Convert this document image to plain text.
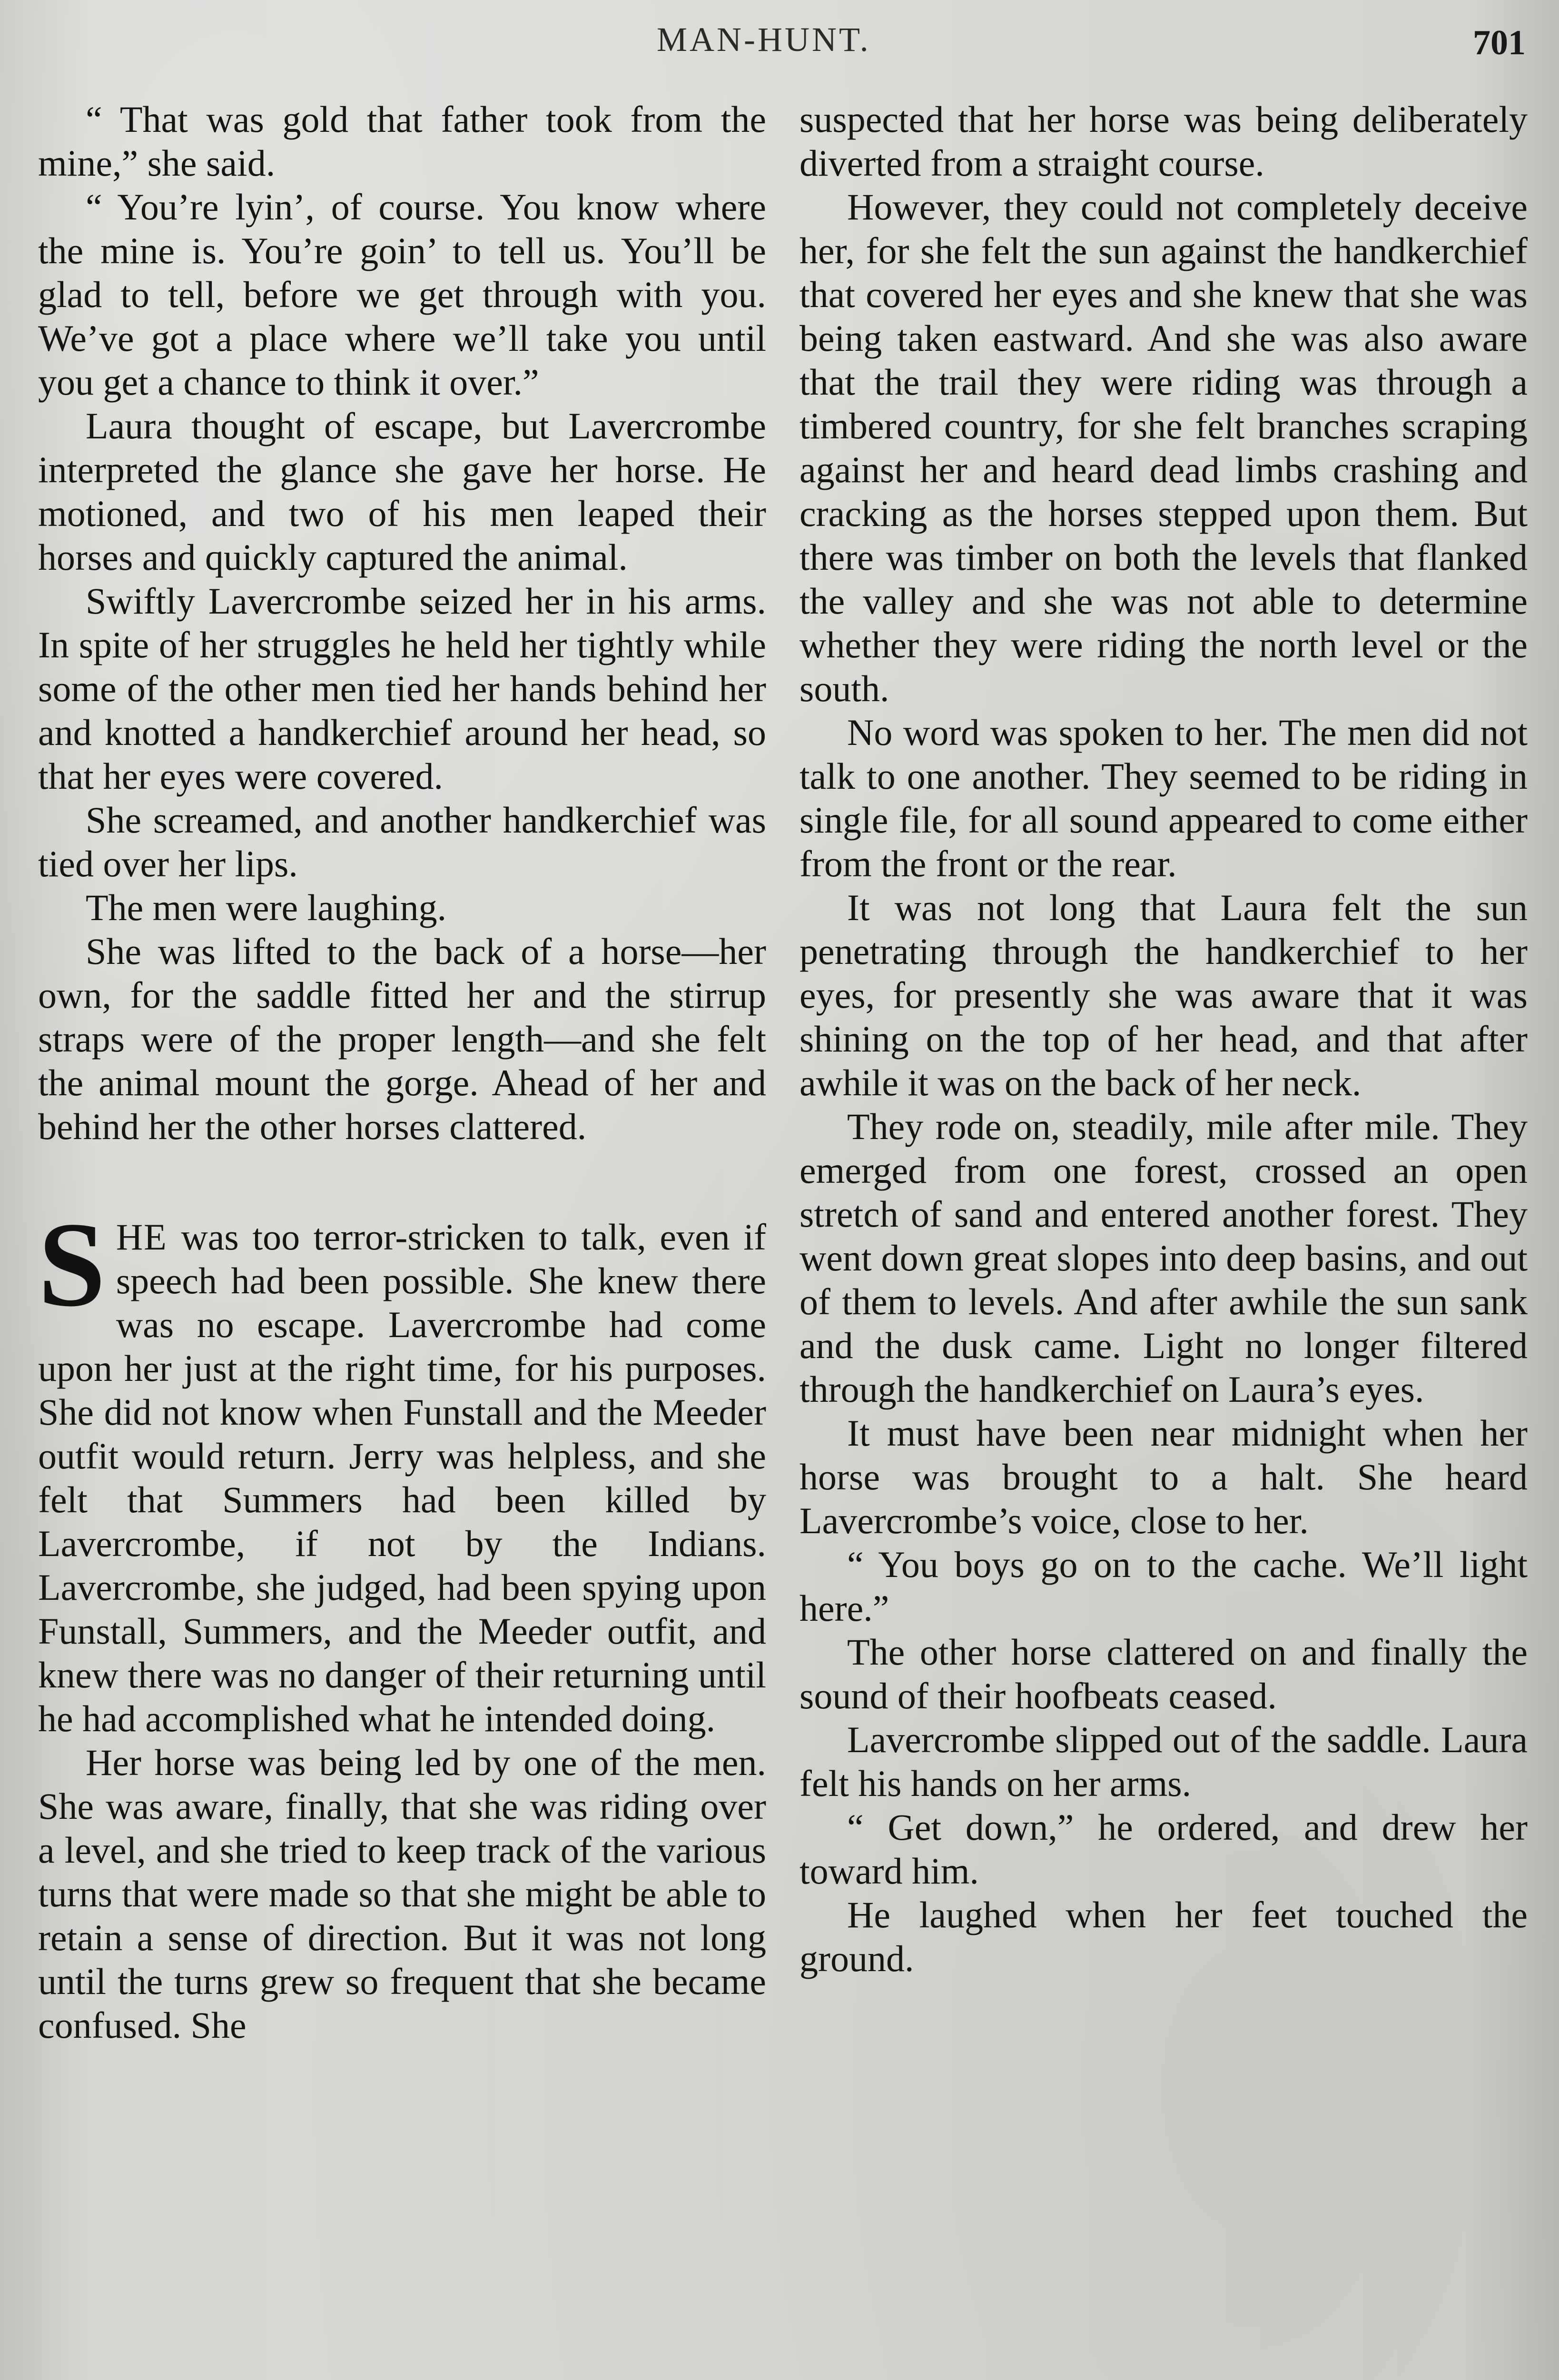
MAN-HUNT.	701

“ That was gold that father took from the mine,” she said.

“ You’re lyin’, of course. You know where the mine is. You’re goin’ to tell us. You’ll be glad to tell, before we get through with you. We’ve got a place where we’ll take you until you get a chance to think it over.”

Laura thought of escape, but Lavercrombe interpreted the glance she gave her horse. He motioned, and two of his men leaped their horses and quickly captured the animal.

Swiftly Lavercrombe seized her in his arms. In spite of her struggles he held her tightly while some of the other men tied her hands behind her and knotted a handkerchief around her head, so that her eyes were covered.

She screamed, and another handkerchief was tied over her lips.

The men were laughing.

She was lifted to the back of a horse—her own, for the saddle fitted her and the stirrup straps were of the proper length—and she felt the animal mount the gorge. Ahead of her and behind her the other horses clattered.

SHE was too terror-stricken to talk, even if speech had been possible. She knew there was no escape. Lavercrombe had come upon her just at the right time, for his purposes. She did not know when Funstall and the Meeder outfit would return. Jerry was helpless, and she felt that Summers had been killed by Lavercrombe, if not by the Indians. Lavercrombe, she judged, had been spying upon Funstall, Summers, and the Meeder outfit, and knew there was no danger of their returning until he had accomplished what he intended doing.

Her horse was being led by one of the men. She was aware, finally, that she was riding over a level, and she tried to keep track of the various turns that were made so that she might be able to retain a sense of direction. But it was not long until the turns grew so frequent that she became confused. She

suspected that her horse was being deliberately diverted from a straight course.

However, they could not completely deceive her, for she felt the sun against the handkerchief that covered her eyes and she knew that she was being taken eastward. And she was also aware that the trail they were riding was through a timbered country, for she felt branches scraping against her and heard dead limbs crashing and cracking as the horses stepped upon them. But there was timber on both the levels that flanked the valley and she was not able to determine whether they were riding the north level or the south.

No word was spoken to her. The men did not talk to one another. They seemed to be riding in single file, for all sound appeared to come either from the front or the rear.

It was not long that Laura felt the sun penetrating through the handkerchief to her eyes, for presently she was aware that it was shining on the top of her head, and that after awhile it was on the back of her neck.

They rode on, steadily, mile after mile. They emerged from one forest, crossed an open stretch of sand and entered another forest. They went down great slopes into deep basins, and out of them to levels. And after awhile the sun sank and the dusk came. Light no longer filtered through the handkerchief on Laura’s eyes.

It must have been near midnight when her horse was brought to a halt. She heard Lavercrombe’s voice, close to her.

“ You boys go on to the cache. We’ll light here.”

The other horse clattered on and finally the sound of their hoofbeats ceased.

Lavercrombe slipped out of the saddle. Laura felt his hands on her arms.

“ Get down,” he ordered, and drew her toward him.

He laughed when her feet touched the ground.
